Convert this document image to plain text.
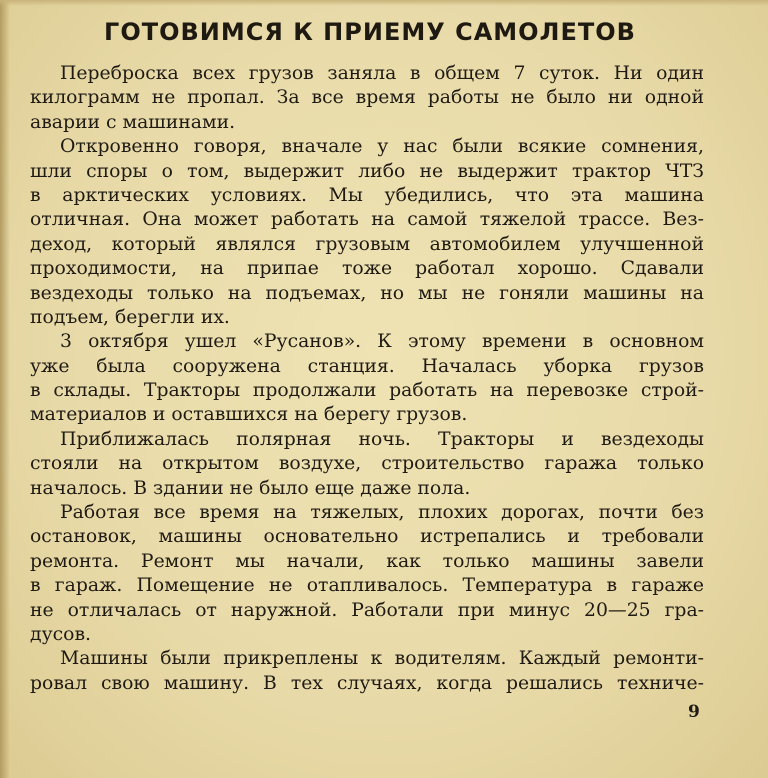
ГОТОВИМСЯ К ПРИЕМУ САМОЛЕТОВ
Переброска всех грузов заняла в общем 7 суток. Ни один
килограмм не пропал. За все время работы не было ни одной
аварии с машинами.
Откровенно говоря, вначале у нас были всякие сомнения,
шли споры о том, выдержит либо не выдержит трактор ЧТЗ
в арктических условиях. Мы убедились, что эта машина
отличная. Она может работать на самой тяжелой трассе. Вез-
деход, который являлся грузовым автомобилем улучшенной
проходимости, на припае тоже работал хорошо. Сдавали
вездеходы только на подъемах, но мы не гоняли машины на
подъем, берегли их.
3 октября ушел «Русанов». К этому времени в основном
уже была сооружена станция. Началась уборка грузов
в склады. Тракторы продолжали работать на перевозке строй-
материалов и оставшихся на берегу грузов.
Приближалась полярная ночь. Тракторы и вездеходы
стояли на открытом воздухе, строительство гаража только
началось. В здании не было еще даже пола.
Работая все время на тяжелых, плохих дорогах, почти без
остановок, машины основательно истрепались и требовали
ремонта. Ремонт мы начали, как только машины завели
в гараж. Помещение не отапливалось. Температура в гараже
не отличалась от наружной. Работали при минус 20—25 гра-
дусов.
Машины были прикреплены к водителям. Каждый ремонти-
ровал свою машину. В тех случаях, когда решались техниче-
9
